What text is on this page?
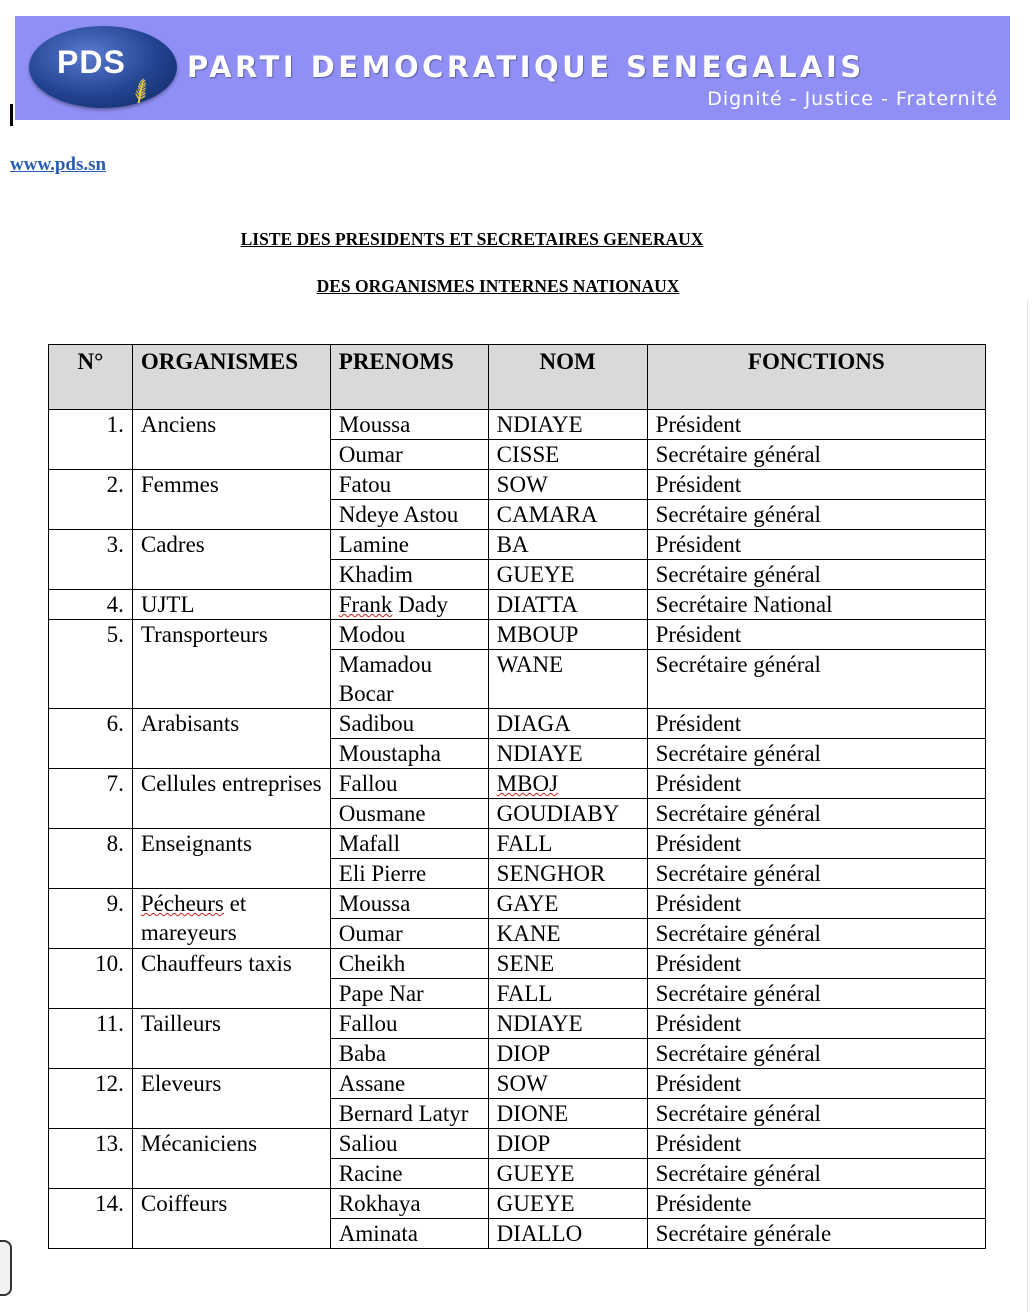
PDS
⸙ PARTI DEMOCRATIQUE SENEGALAIS
Dignité - Justice - Fraternité
www.pds.sn
LISTE DES PRESIDENTS ET SECRETAIRES GENERAUX
DES ORGANISMES INTERNES NATIONAUX
N°	ORGANISMES	PRENOMS	NOM	FONCTIONS
1.	Anciens	Moussa	NDIAYE	Président
		Oumar	CISSE	Secrétaire général
2.	Femmes	Fatou	SOW	Président
		Ndeye Astou	CAMARA	Secrétaire général
3.	Cadres	Lamine	BA	Président
		Khadim	GUEYE	Secrétaire général
4.	UJTL	Frank Dady	DIATTA	Secrétaire National
5.	Transporteurs	Modou	MBOUP	Président
		Mamadou Bocar	WANE	Secrétaire général
6.	Arabisants	Sadibou	DIAGA	Président
		Moustapha	NDIAYE	Secrétaire général
7.	Cellules entreprises	Fallou	MBOJ	Président
		Ousmane	GOUDIABY	Secrétaire général
8.	Enseignants	Mafall	FALL	Président
		Eli Pierre	SENGHOR	Secrétaire général
9.	Pécheurs et mareyeurs	Moussa	GAYE	Président
		Oumar	KANE	Secrétaire général
10.	Chauffeurs taxis	Cheikh	SENE	Président
		Pape Nar	FALL	Secrétaire général
11.	Tailleurs	Fallou	NDIAYE	Président
		Baba	DIOP	Secrétaire général
12.	Eleveurs	Assane	SOW	Président
		Bernard Latyr	DIONE	Secrétaire général
13.	Mécaniciens	Saliou	DIOP	Président
		Racine	GUEYE	Secrétaire général
14.	Coiffeurs	Rokhaya	GUEYE	Présidente
		Aminata	DIALLO	Secrétaire générale
